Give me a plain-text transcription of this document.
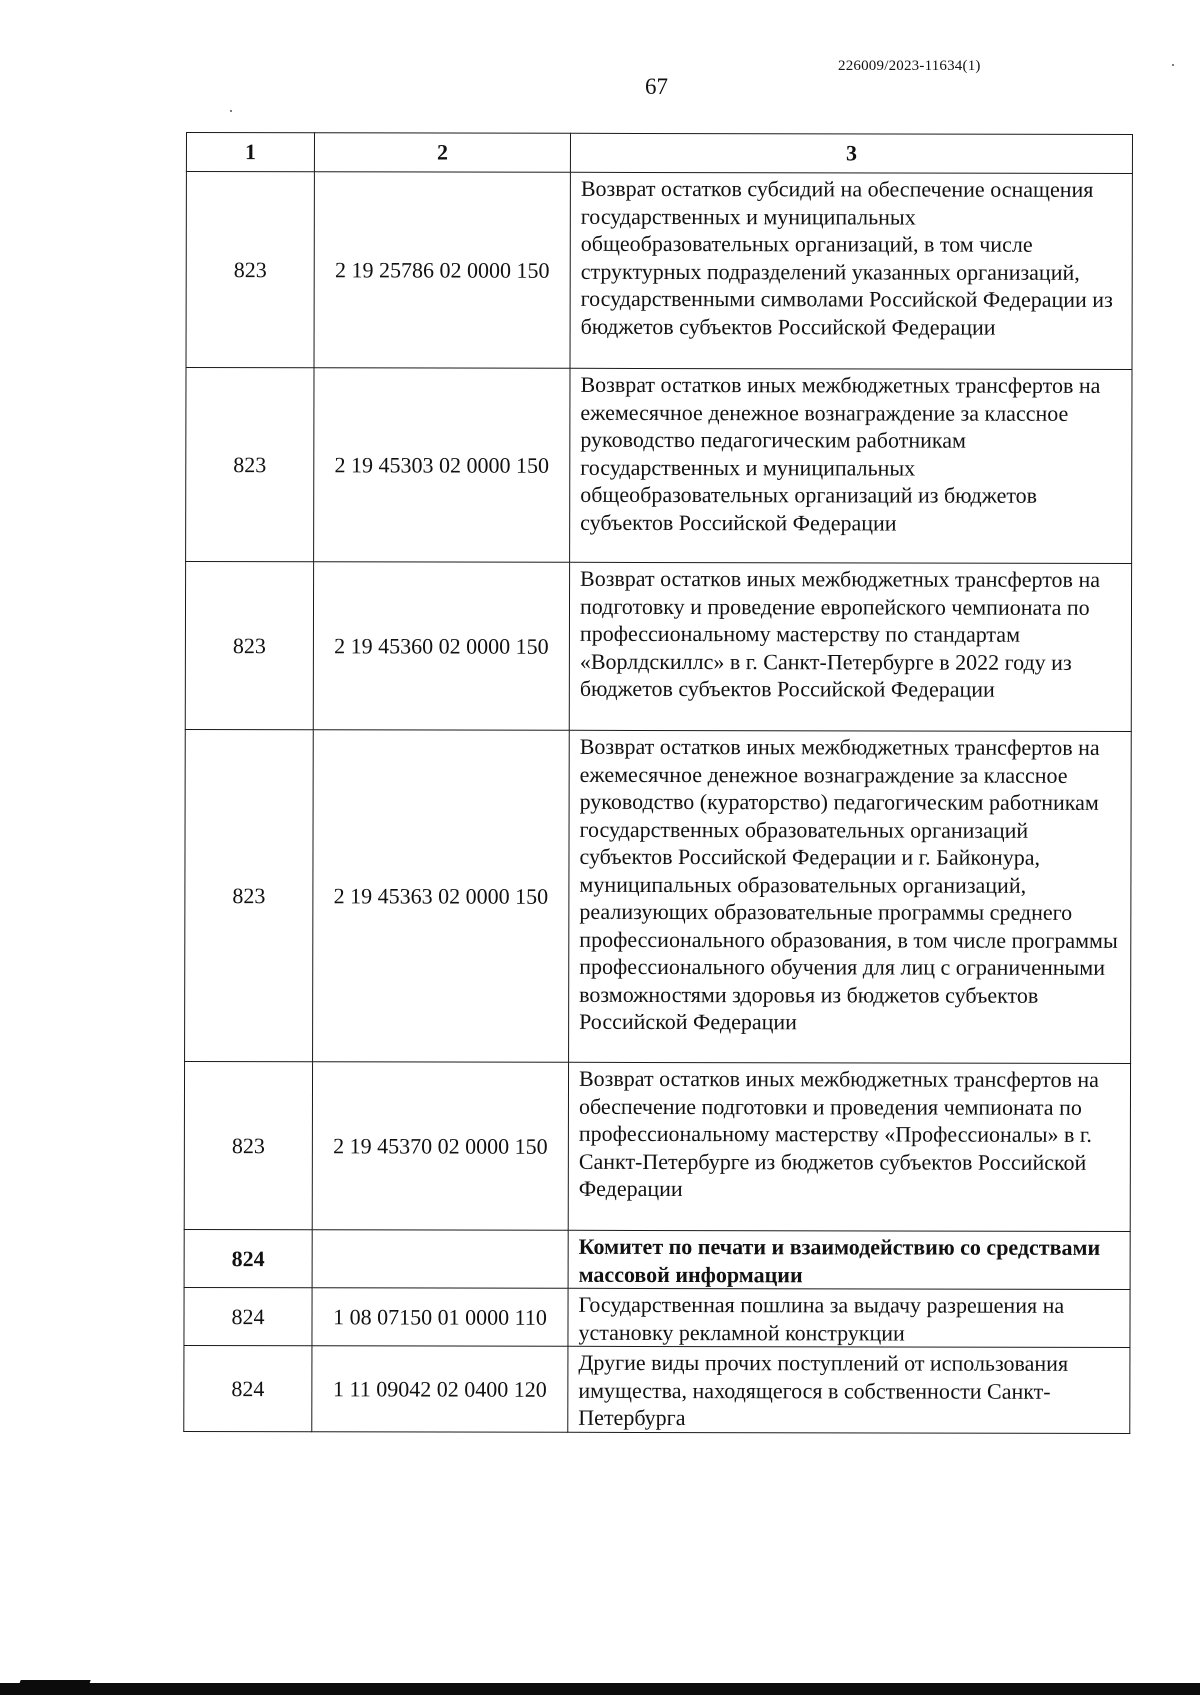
226009/2023-11634(1)
67
1	2	3
823	2 19 25786 02 0000 150	Возврат остатков субсидий на обеспечение оснащения государственных и муниципальных общеобразовательных организаций, в том числе структурных подразделений указанных организаций, государственными символами Российской Федерации из бюджетов субъектов Российской Федерации
823	2 19 45303 02 0000 150	Возврат остатков иных межбюджетных трансфертов на ежемесячное денежное вознаграждение за классное руководство педагогическим работникам государственных и муниципальных общеобразовательных организаций из бюджетов субъектов Российской Федерации
823	2 19 45360 02 0000 150	Возврат остатков иных межбюджетных трансфертов на подготовку и проведение европейского чемпионата по профессиональному мастерству по стандартам «Ворлдскиллс» в г. Санкт-Петербурге в 2022 году из бюджетов субъектов Российской Федерации
823	2 19 45363 02 0000 150	Возврат остатков иных межбюджетных трансфертов на ежемесячное денежное вознаграждение за классное руководство (кураторство) педагогическим работникам государственных образовательных организаций субъектов Российской Федерации и г. Байконура, муниципальных образовательных организаций, реализующих образовательные программы среднего профессионального образования, в том числе программы профессионального обучения для лиц с ограниченными возможностями здоровья из бюджетов субъектов Российской Федерации
823	2 19 45370 02 0000 150	Возврат остатков иных межбюджетных трансфертов на обеспечение подготовки и проведения чемпионата по профессиональному мастерству «Профессионалы» в г. Санкт-Петербурге из бюджетов субъектов Российской Федерации
824		Комитет по печати и взаимодействию со средствами массовой информации
824	1 08 07150 01 0000 110	Государственная пошлина за выдачу разрешения на установку рекламной конструкции
824	1 11 09042 02 0400 120	Другие виды прочих поступлений от использования имущества, находящегося в собственности Санкт-Петербурга
